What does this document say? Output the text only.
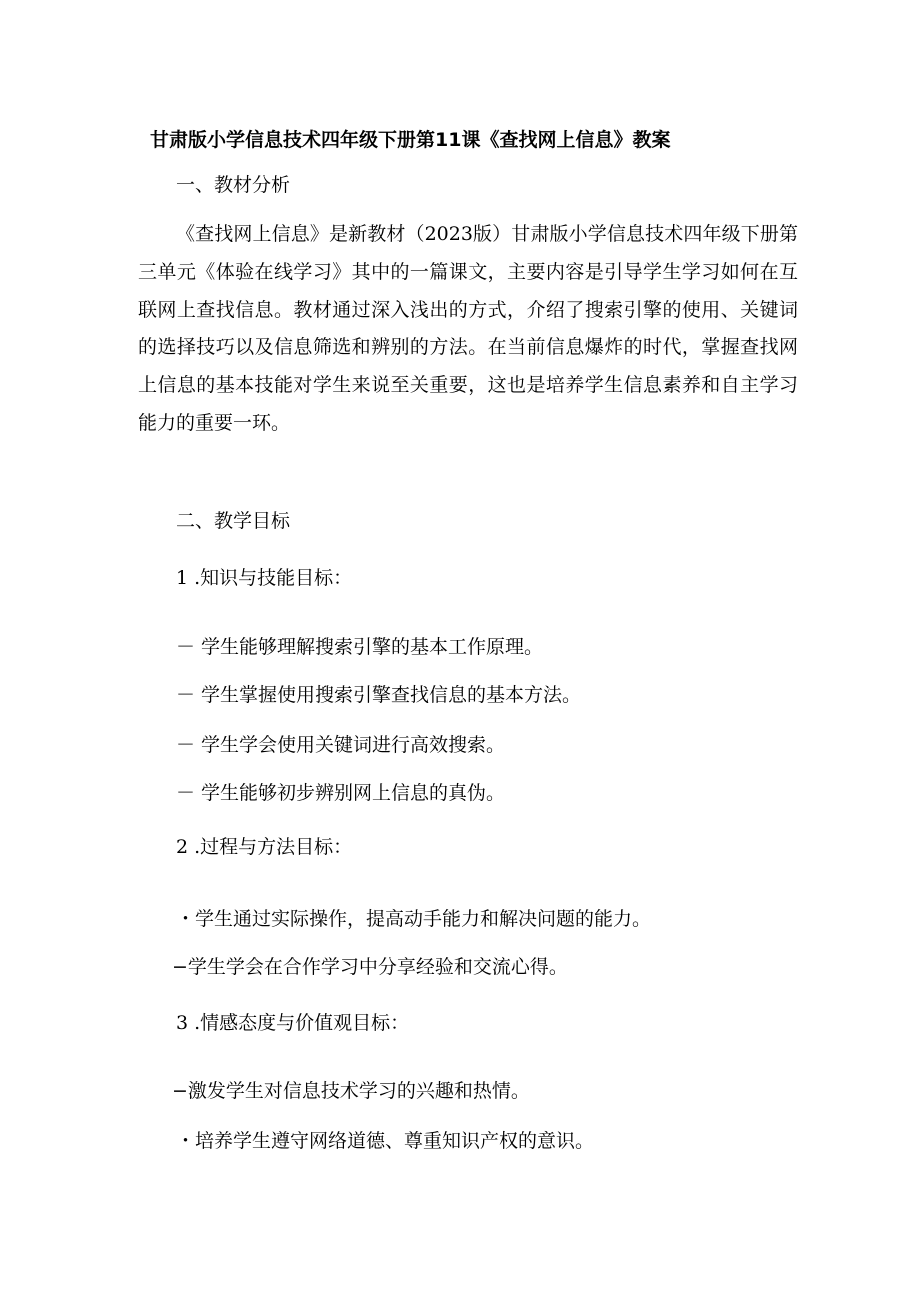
甘肃版小学信息技术四年级下册第11课《查找网上信息》教案
一、教材分析
《查找网上信息》是新教材（2023版）甘肃版小学信息技术四年级下册第三单元《体验在线学习》其中的一篇课文，主要内容是引导学生学习如何在互联网上查找信息。教材通过深入浅出的方式，介绍了搜索引擎的使用、关键词的选择技巧以及信息筛选和辨别的方法。在当前信息爆炸的时代，掌握查找网上信息的基本技能对学生来说至关重要，这也是培养学生信息素养和自主学习能力的重要一环。
二、教学目标
1 .知识与技能目标：
－ 学生能够理解搜索引擎的基本工作原理。
－ 学生掌握使用搜索引擎查找信息的基本方法。
－ 学生学会使用关键词进行高效搜索。
－ 学生能够初步辨别网上信息的真伪。
2 .过程与方法目标：
・学生通过实际操作，提高动手能力和解决问题的能力。
−学生学会在合作学习中分享经验和交流心得。
3 .情感态度与价值观目标：
−激发学生对信息技术学习的兴趣和热情。
・培养学生遵守网络道德、尊重知识产权的意识。
